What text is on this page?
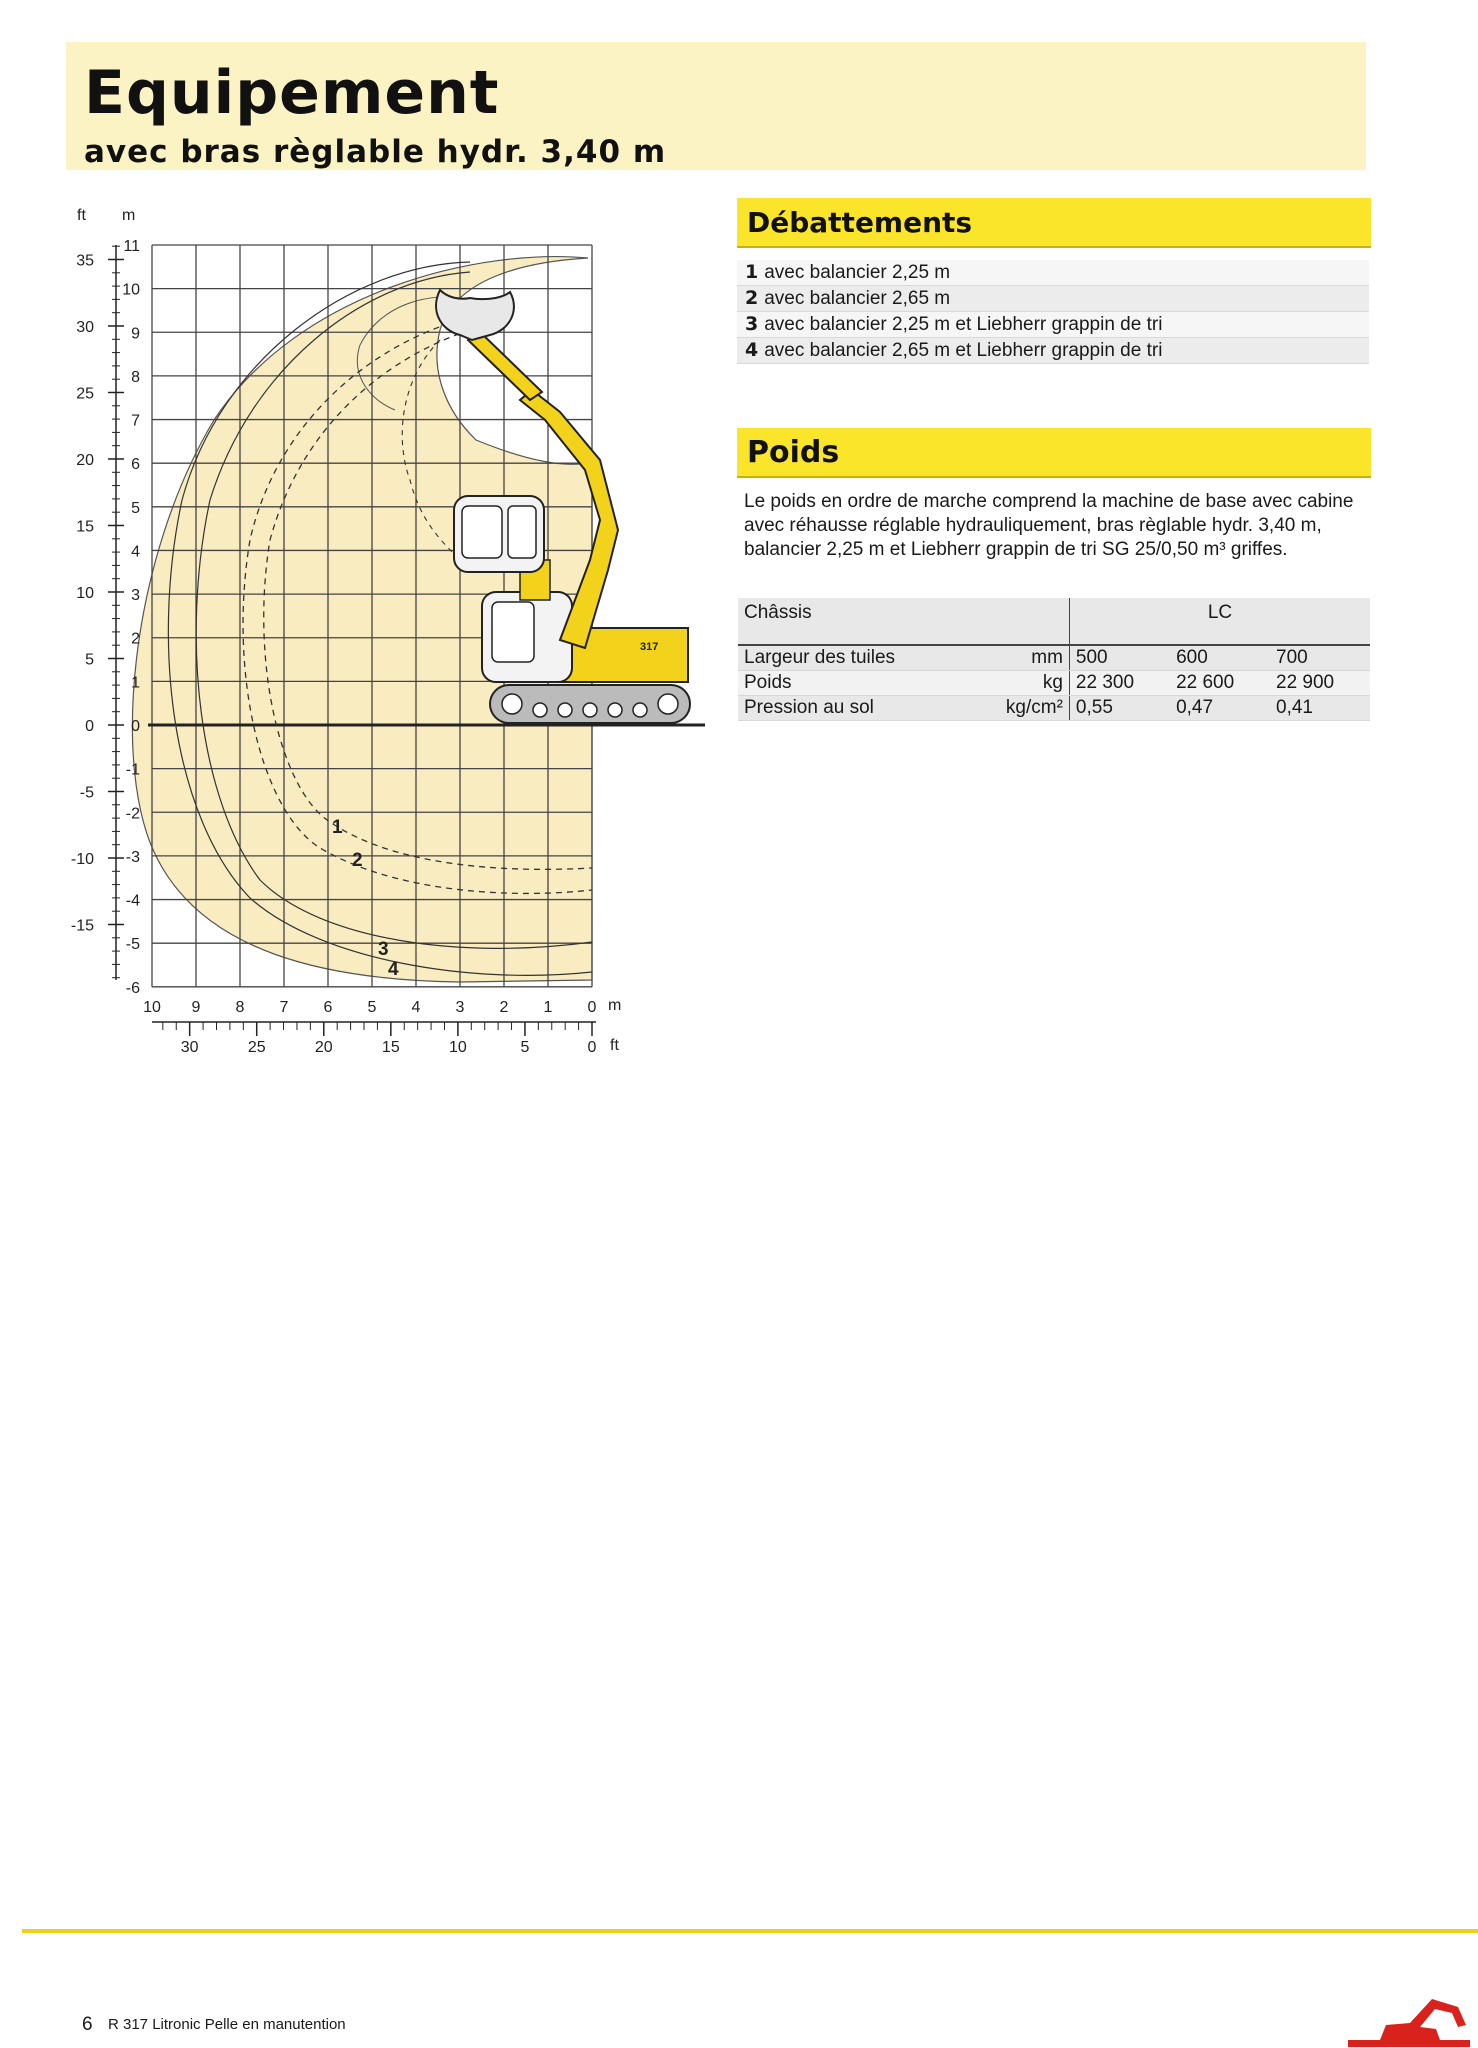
Equipement
avec bras règlable hydr. 3,40 m
1
2
3
4
317
11
10
9
8
7
6
5
4
3
2
1
0
-1
-2
-3
-4
-5
-6
35
30
25
20
15
10
5
0
-5
-10
-15
10 9 8 7 6 5 4 3 2 1 0
30	25	20	15	10	5	0
ft m
m
ft
Débattements
1 avec balancier 2,25 m
2 avec balancier 2,65 m
3 avec balancier 2,25 m et Liebherr grappin de tri
4 avec balancier 2,65 m et Liebherr grappin de tri
Poids
Le poids en ordre de marche comprend la machine de base avec cabine avec réhausse réglable hydrauliquement, bras règlable hydr. 3,40 m, balancier 2,25 m et Liebherr grappin de tri SG 25/0,50 m³ griffes.
Châssis		LC		
Largeur des tuiles	mm	500	600	700
Poids	kg	22 300	22 600	22 900
Pression au sol	kg/cm²	0,55	0,47	0,41
6 R 317 Litronic Pelle en manutention
